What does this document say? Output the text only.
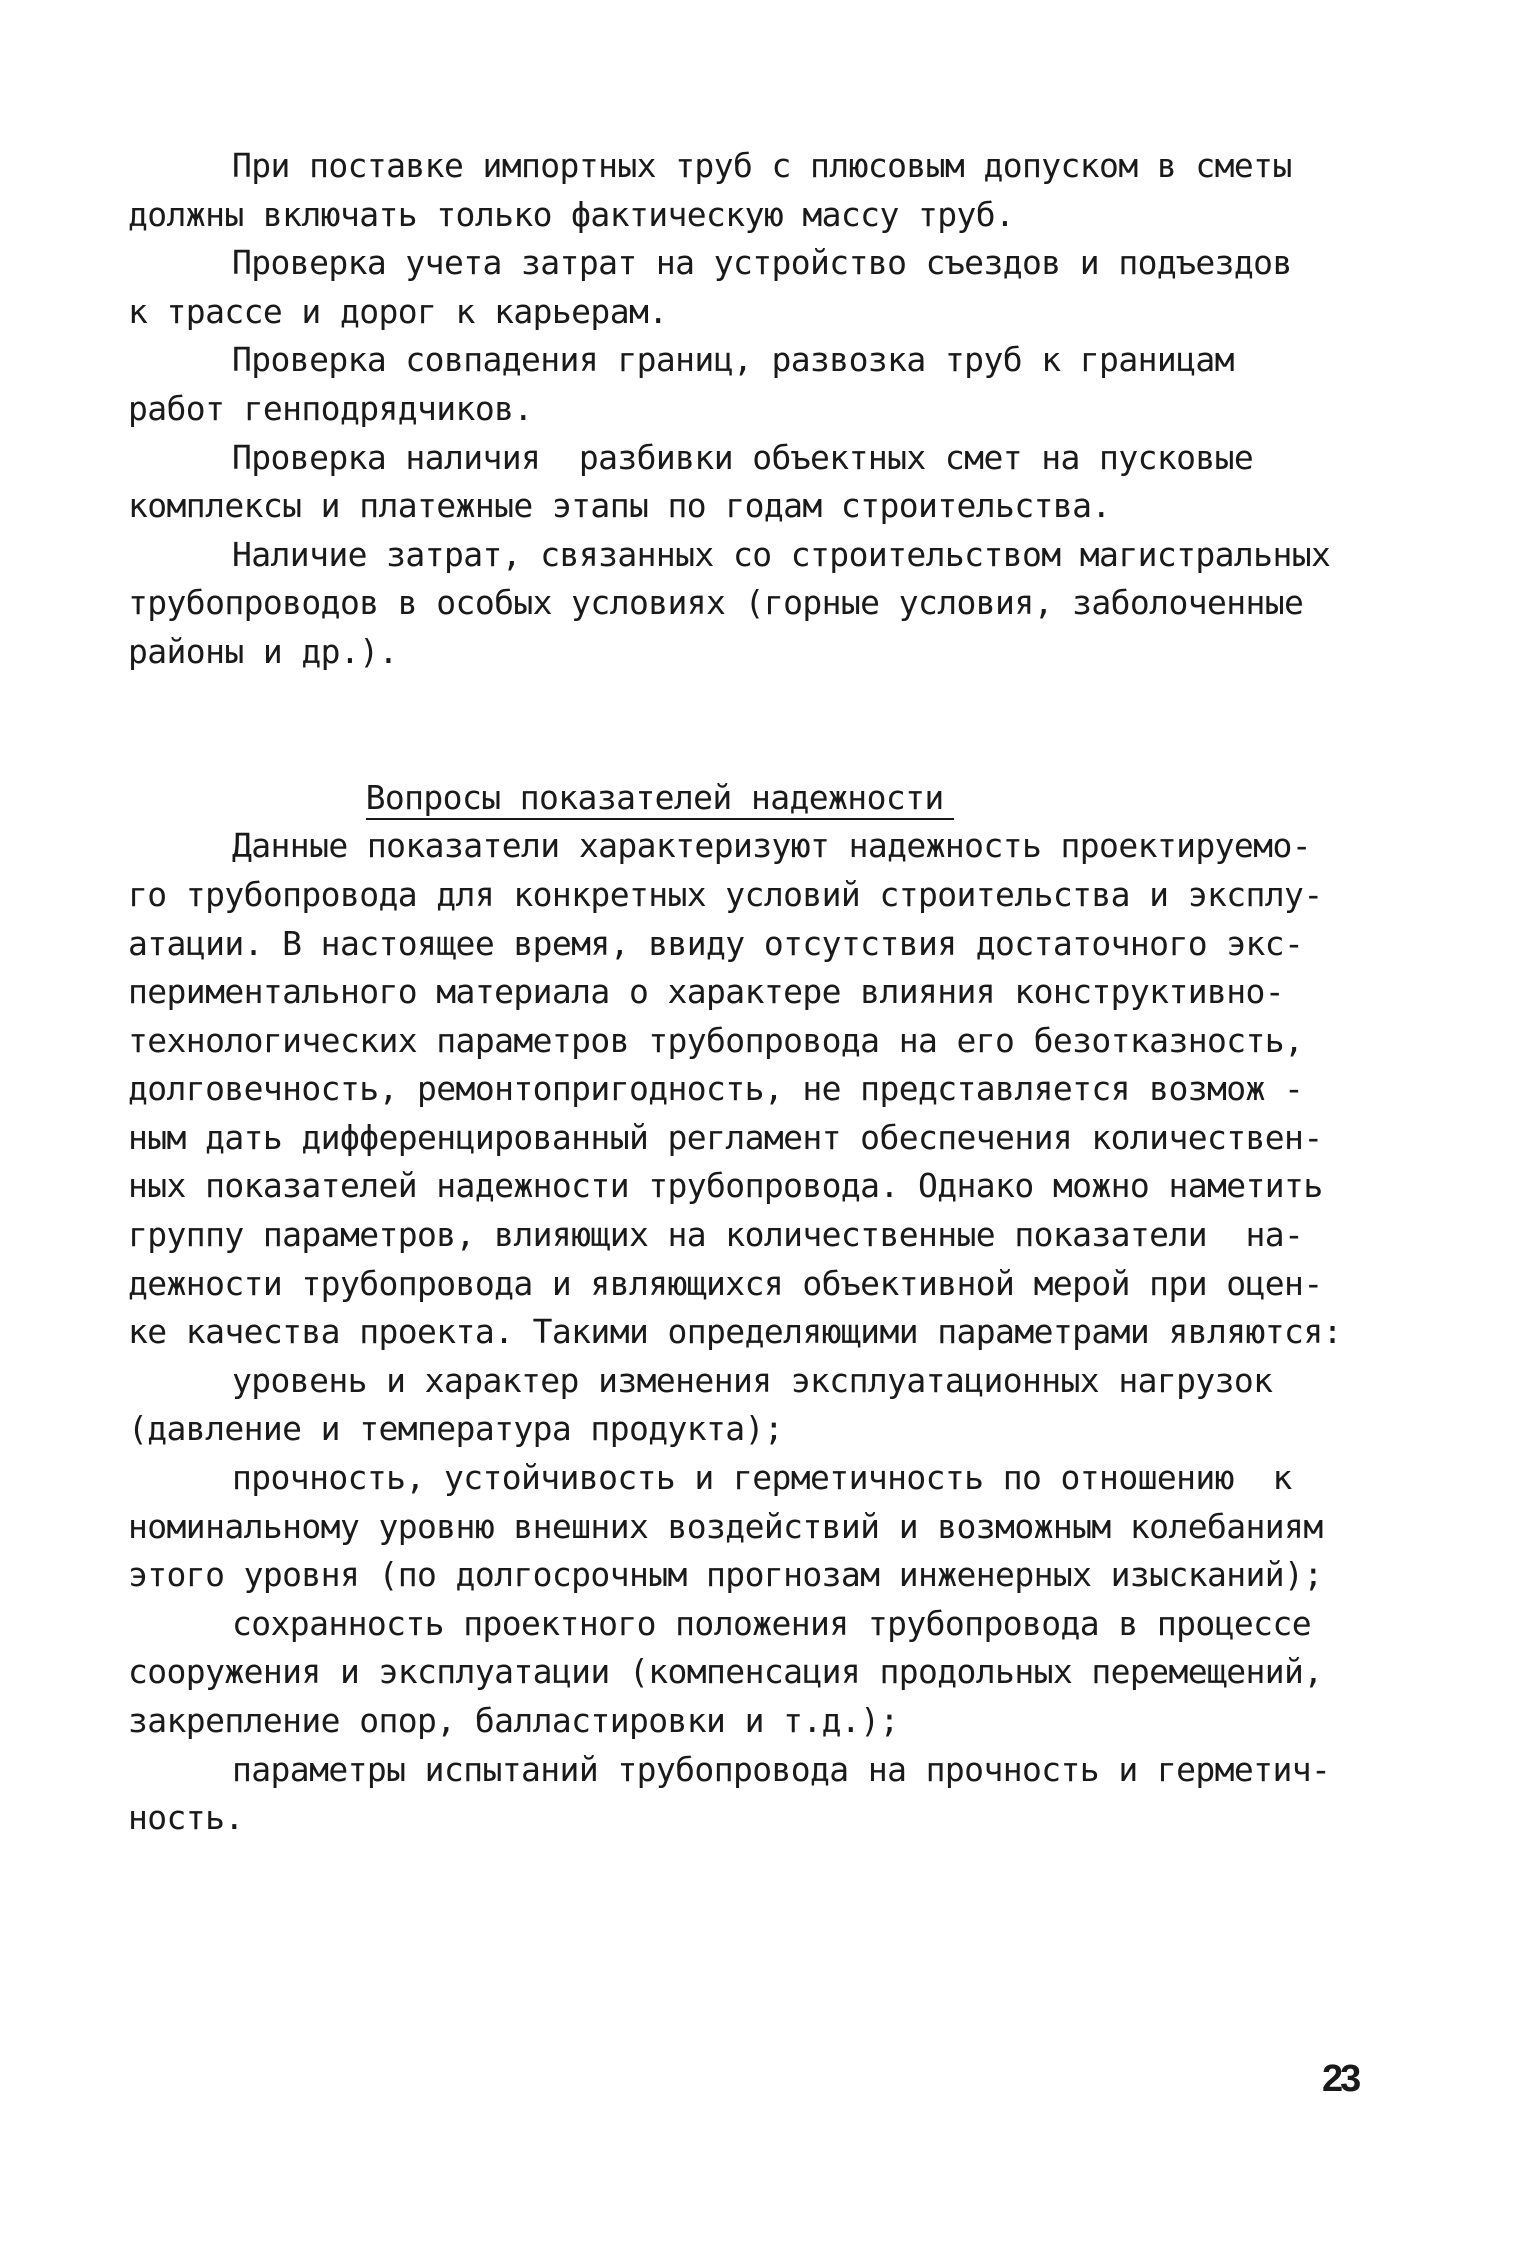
При поставке импортных труб с плюсовым допуском в сметы
должны включать только фактическую массу труб.
Проверка учета затрат на устройство съездов и подъездов
к трассе и дорог к карьерам.
Проверка совпадения границ, развозка труб к границам
работ генподрядчиков.
Проверка наличия  разбивки объектных смет на пусковые
комплексы и платежные этапы по годам строительства.
Наличие затрат, связанных со строительством магистральных
трубопроводов в особых условиях (горные условия, заболоченные
районы и др.).

Вопросы показателей надежности

Данные показатели характеризуют надежность проектируемо-
го трубопровода для конкретных условий строительства и эксплу-
атации. В настоящее время, ввиду отсутствия достаточного экс-
периментального материала о характере влияния конструктивно-
технологических параметров трубопровода на его безотказность,
долговечность, ремонтопригодность, не представляется возмож -
ным дать дифференцированный регламент обеспечения количествен-
ных показателей надежности трубопровода. Однако можно наметить
группу параметров, влияющих на количественные показатели  на-
дежности трубопровода и являющихся объективной мерой при оцен-
ке качества проекта. Такими определяющими параметрами являются:
уровень и характер изменения эксплуатационных нагрузок
(давление и температура продукта);
прочность, устойчивость и герметичность по отношению  к
номинальному уровню внешних воздействий и возможным колебаниям
этого уровня (по долгосрочным прогнозам инженерных изысканий);
сохранность проектного положения трубопровода в процессе
сооружения и эксплуатации (компенсация продольных перемещений,
закрепление опор, балластировки и т.д.);
параметры испытаний трубопровода на прочность и герметич-
ность.
23
